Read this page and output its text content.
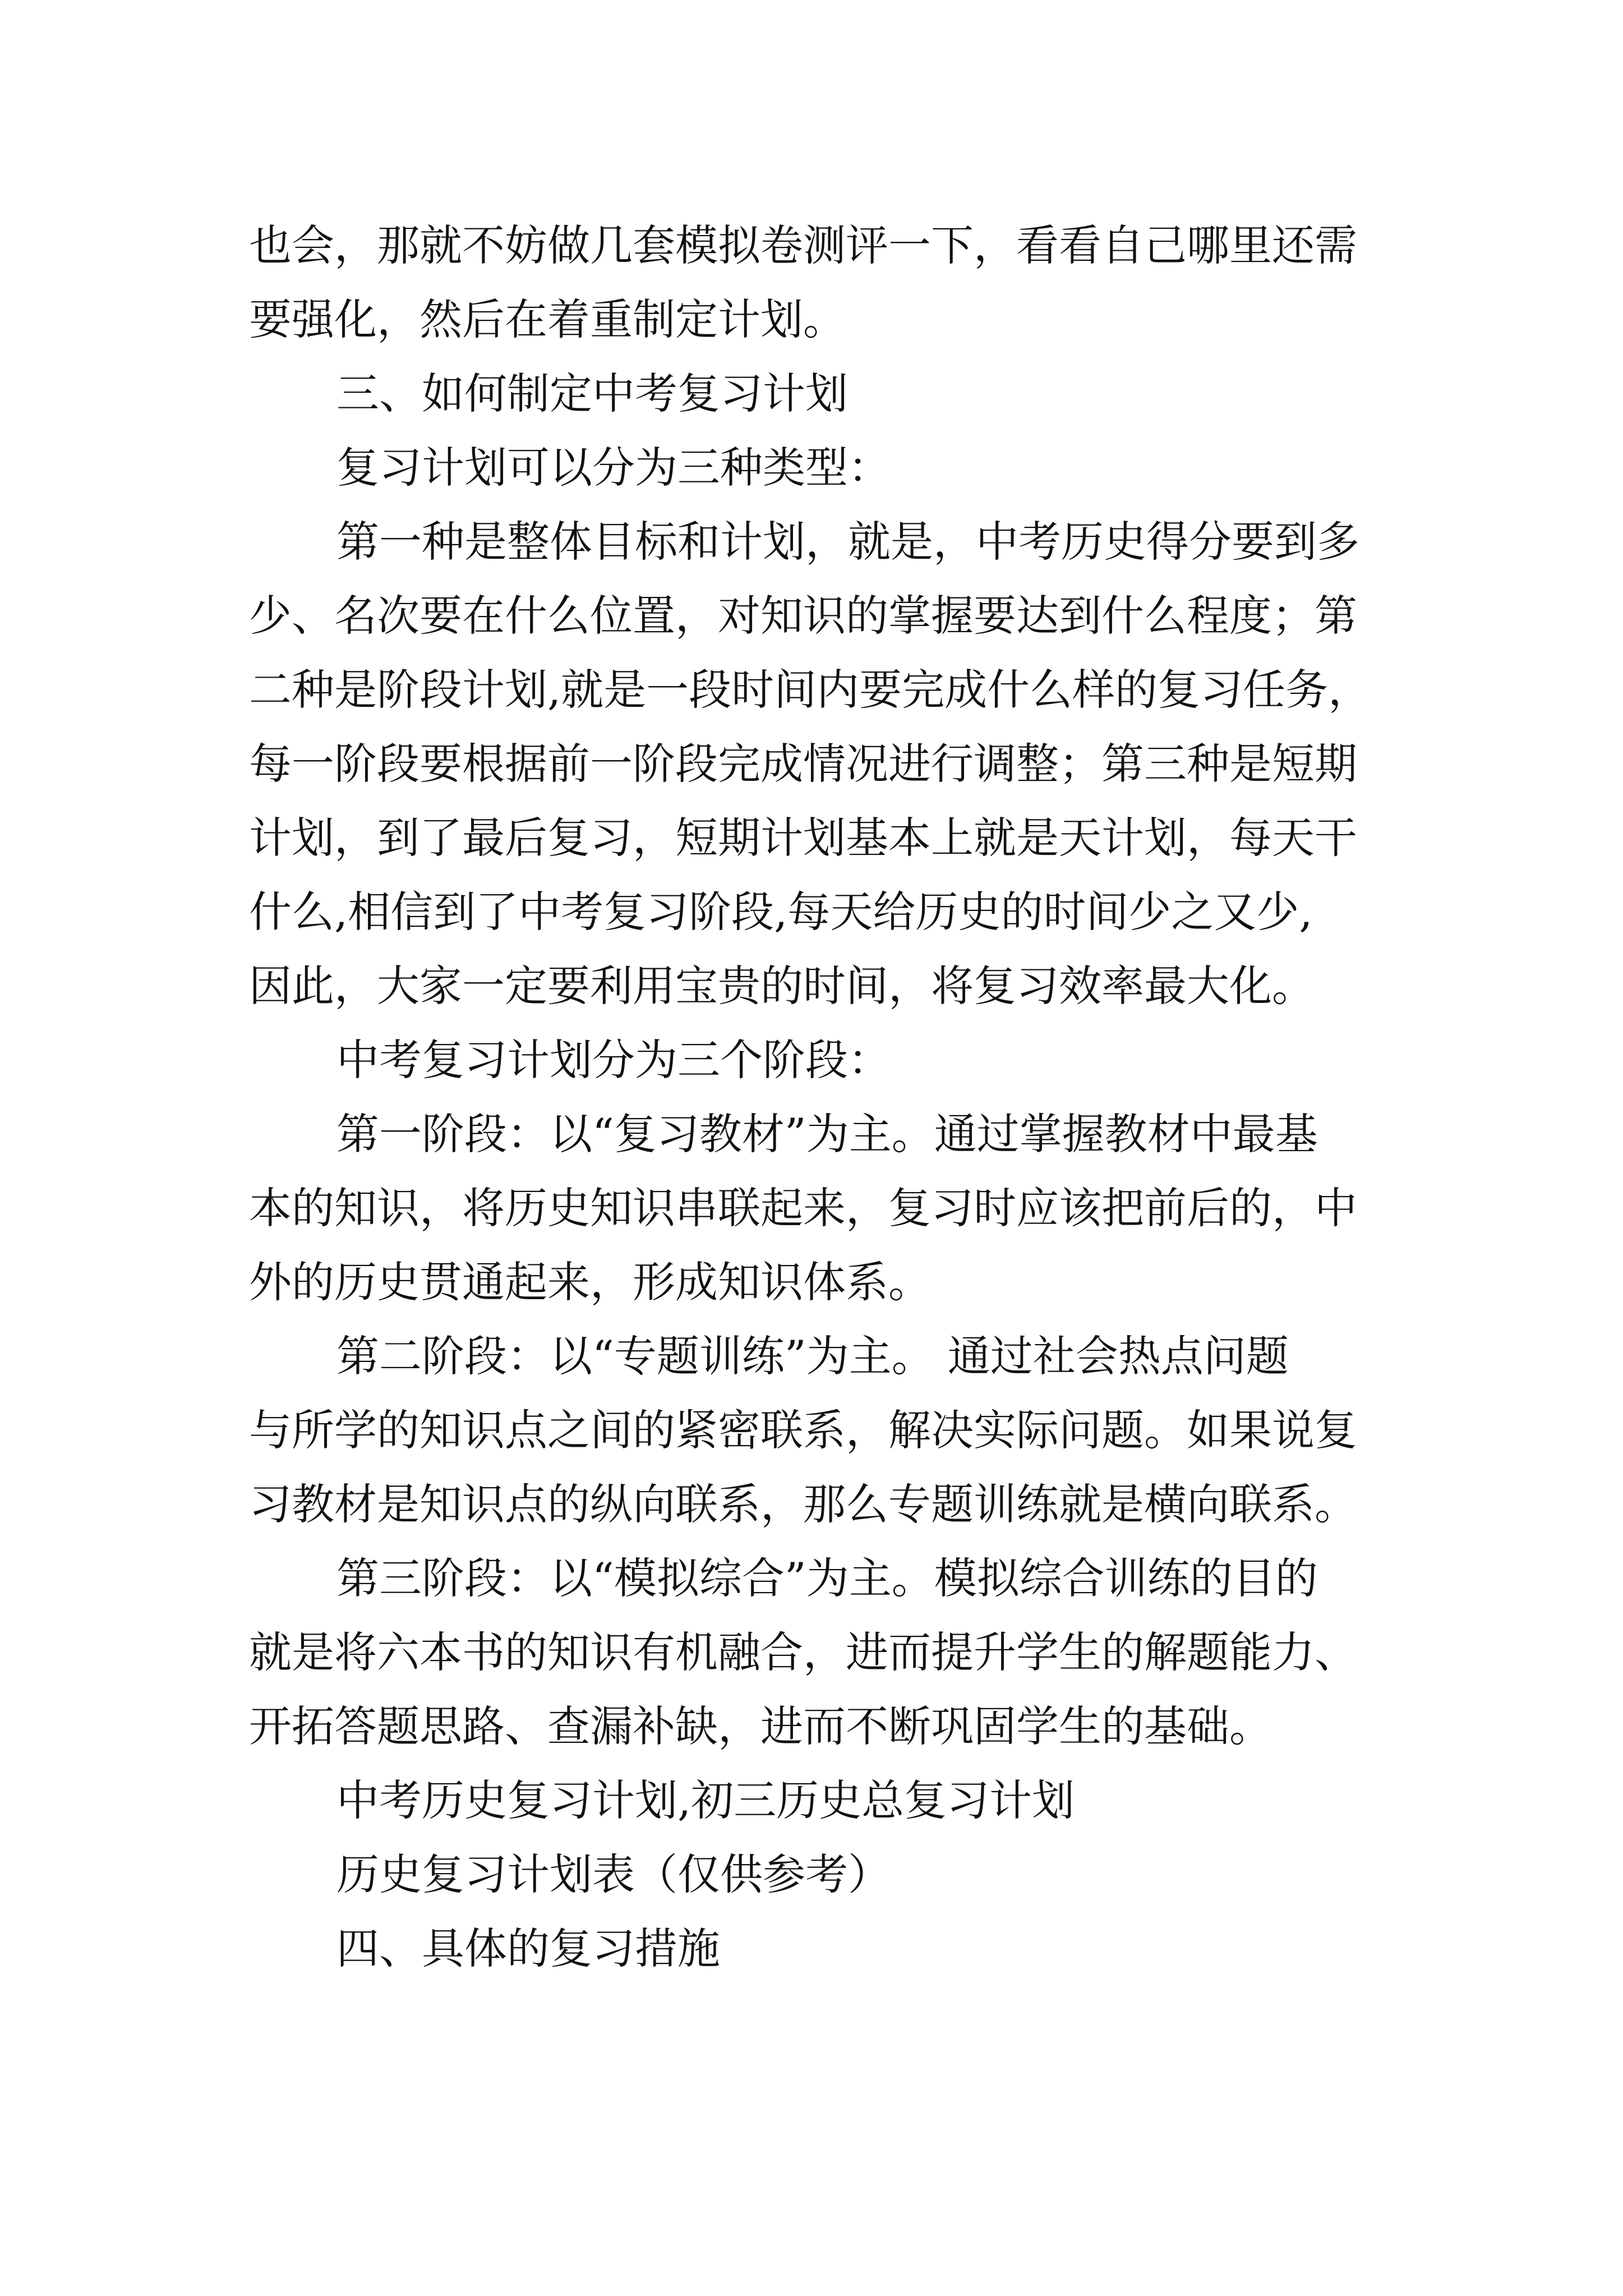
也会，那就不妨做几套模拟卷测评一下，看看自己哪里还需

要强化，然后在着重制定计划。

三、如何制定中考复习计划

复习计划可以分为三种类型：

第一种是整体目标和计划，就是，中考历史得分要到多

少、名次要在什么位置，对知识的掌握要达到什么程度；第

二种是阶段计划,就是一段时间内要完成什么样的复习任务，

每一阶段要根据前一阶段完成情况进行调整；第三种是短期

计划，到了最后复习，短期计划基本上就是天计划，每天干

什么,相信到了中考复习阶段,每天给历史的时间少之又少,

因此，大家一定要利用宝贵的时间，将复习效率最大化。

中考复习计划分为三个阶段：

第一阶段：以“复习教材”为主。通过掌握教材中最基

本的知识，将历史知识串联起来，复习时应该把前后的，中

外的历史贯通起来，形成知识体系。

第二阶段：以“专题训练”为主。 通过社会热点问题

与所学的知识点之间的紧密联系，解决实际问题。如果说复

习教材是知识点的纵向联系，那么专题训练就是横向联系。

第三阶段：以“模拟综合”为主。模拟综合训练的目的

就是将六本书的知识有机融合，进而提升学生的解题能力、

开拓答题思路、查漏补缺，进而不断巩固学生的基础。

中考历史复习计划,初三历史总复习计划

历史复习计划表（仅供参考）

四、具体的复习措施
